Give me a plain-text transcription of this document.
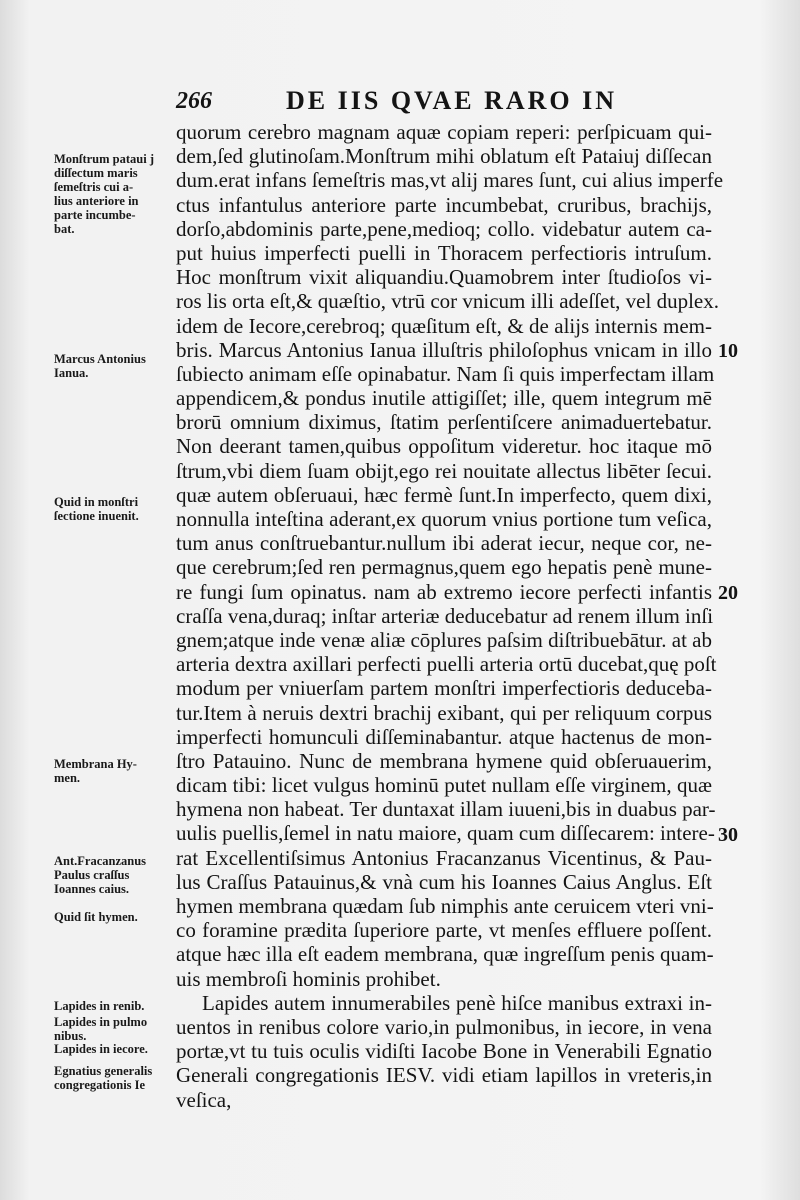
266	DE IIS QVAE RARO IN
quorum cerebro magnam aquæ copiam reperi: perſpicuam qui-
dem,ſed glutinoſam.Monſtrum mihi oblatum eſt Pataiuj diſſecan
dum.erat infans ſemeſtris mas,vt alij mares ſunt, cui alius imperfe
ctus infantulus anteriore parte incumbebat, cruribus, brachijs,
dorſo,abdominis parte,pene,medioq; collo. videbatur autem ca-
put huius imperfecti puelli in Thoracem perfectioris intruſum.
Hoc monſtrum vixit aliquandiu.Quamobrem inter ſtudioſos vi-
ros lis orta eſt,& quæſtio, vtrū cor vnicum illi adeſſet, vel duplex.
idem de Iecore,cerebroq; quæſitum eſt, & de alijs internis mem-
bris. Marcus Antonius Ianua illuſtris philoſophus vnicam in illo
ſubiecto animam eſſe opinabatur. Nam ſi quis imperfectam illam
appendicem,& pondus inutile attigiſſet; ille, quem integrum mē
brorū omnium diximus, ſtatim perſentiſcere animaduertebatur.
Non deerant tamen,quibus oppoſitum videretur. hoc itaque mō
ſtrum,vbi diem ſuam obijt,ego rei nouitate allectus libēter ſecui.
quæ autem obſeruaui, hæc fermè ſunt.In imperfecto, quem dixi,
nonnulla inteſtina aderant,ex quorum vnius portione tum veſica,
tum anus conſtruebantur.nullum ibi aderat iecur, neque cor, ne-
que cerebrum;ſed ren permagnus,quem ego hepatis penè mune-
re fungi ſum opinatus. nam ab extremo iecore perfecti infantis
craſſa vena,duraq; inſtar arteriæ deducebatur ad renem illum inſi
gnem;atque inde venæ aliæ cōplures paſsim diſtribuebātur. at ab
arteria dextra axillari perfecti puelli arteria ortū ducebat,quę poſt
modum per vniuerſam partem monſtri imperfectioris deduceba-
tur.Item à neruis dextri brachij exibant, qui per reliquum corpus
imperfecti homunculi diſſeminabantur. atque hactenus de mon-
ſtro Patauino. Nunc de membrana hymene quid obſeruauerim,
dicam tibi: licet vulgus hominū putet nullam eſſe virginem, quæ
hymena non habeat. Ter duntaxat illam iuueni,bis in duabus par-
uulis puellis,ſemel in natu maiore, quam cum diſſecarem: intere-
rat Excellentiſsimus Antonius Fracanzanus Vicentinus, & Pau-
lus Craſſus Patauinus,& vnà cum his Ioannes Caius Anglus. Eſt
hymen membrana quædam ſub nimphis ante ceruicem vteri vni-
co foramine prædita ſuperiore parte, vt menſes effluere poſſent.
atque hæc illa eſt eadem membrana, quæ ingreſſum penis quam-
uis membroſi hominis prohibet.
Lapides autem innumerabiles penè hiſce manibus extraxi in-
uentos in renibus colore vario,in pulmonibus, in iecore, in vena
portæ,vt tu tuis oculis vidiſti Iacobe Bone in Venerabili Egnatio
Generali congregationis IESV. vidi etiam lapillos in vreteris,in
veſica,
Monſtrum pataui j
diſſectum maris
ſemeſtris cui a-
lius anteriore in
parte incumbe-
bat.
Marcus Antonius
Ianua.
Quid in monſtri
ſectione inuenit.
Membrana Hy-
men.
Ant.Fracanzanus
Paulus craſſus
Ioannes caius.
Quid ſit hymen.
Lapides in renib.
Lapides in pulmo
nibus.
Lapides in iecore.
Egnatius generalis
congregationis Ie
10
20
30
